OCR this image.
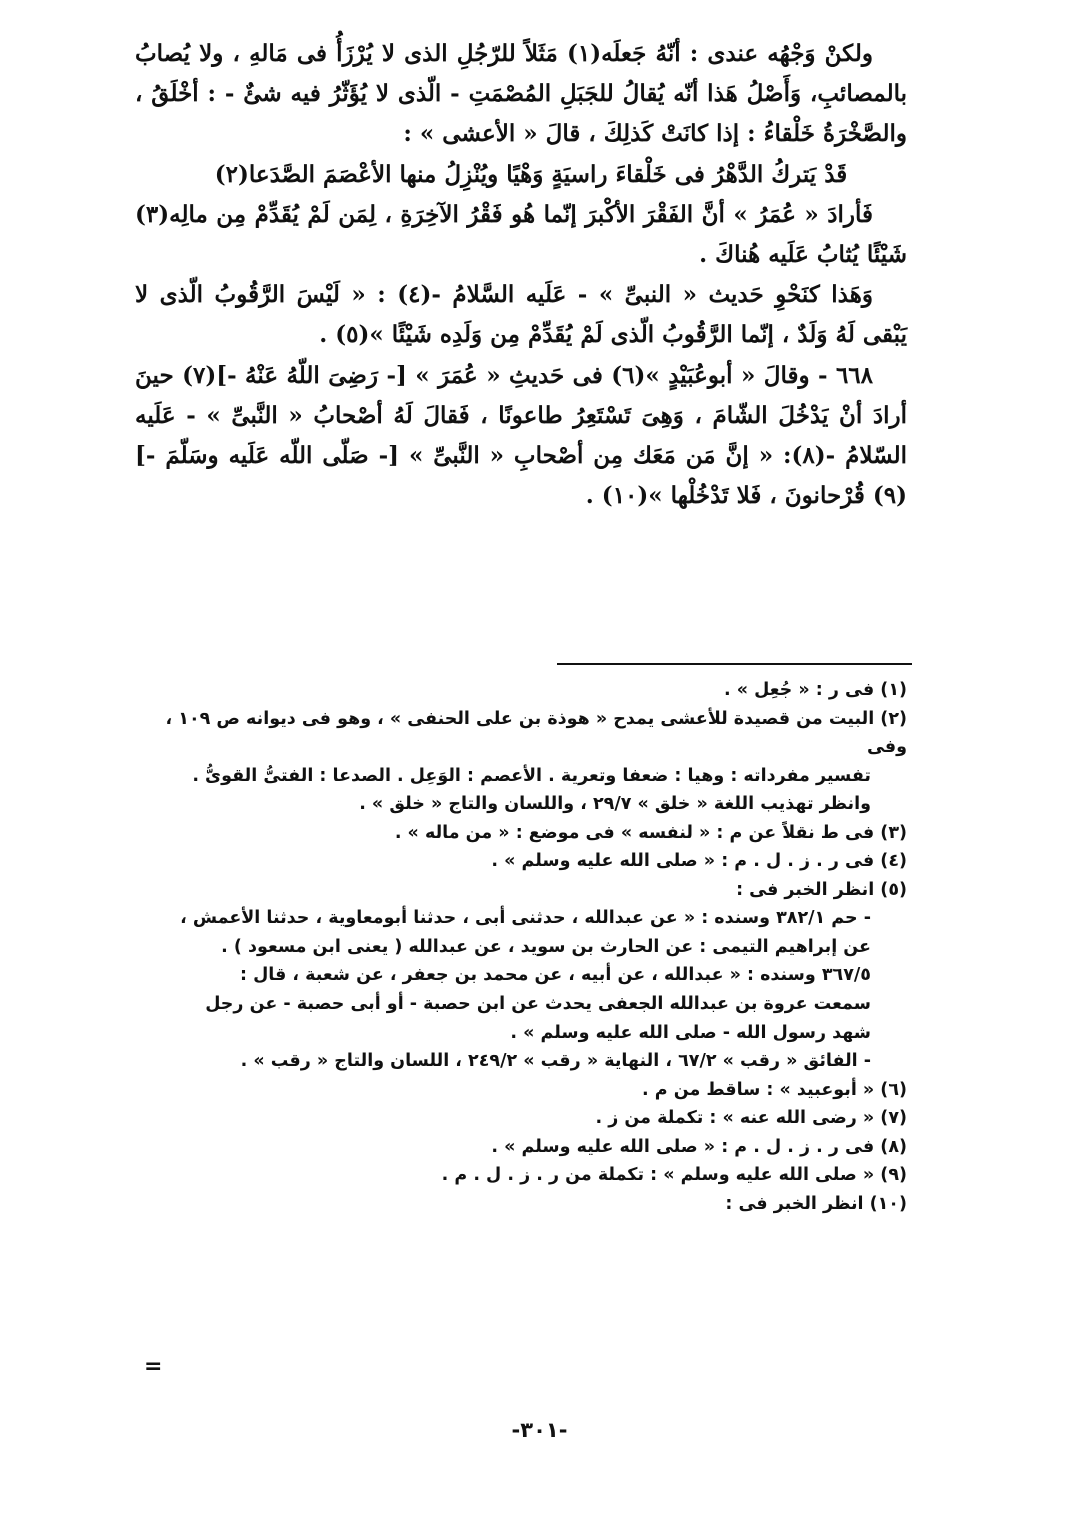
ولكنْ وَجْهُه عندى : أنّهُ جَعلَه(١) مَثَلاً للرّجُلِ الذى لا يُرْزَأُ فى مَالهِ ، ولا يُصابُ بالمصائبِ، وَأَصْلُ هَذا أنّه يُقالُ للجَبَلِ المُصْمَتِ - الّذى لا يُؤَثّرُ فيه شئٌ - : أخْلَقُ ، والصَّخْرَةُ خَلْقاءُ : إذا كانَتْ كَذلِكَ ، قالَ « الأعشى » :

قَدْ يَتركُ الدَّهْرُ فى خَلْقاءَ راسيَةٍ وَهْيًا ويُنْزِلُ منها الأعْصَمَ الصَّدَعا(٢)

فَأرادَ « عُمَرُ » أنَّ الفَقْرَ الأكْبرَ إنّما هُو فَقْرُ الآخِرَةِ ، لِمَن لَمْ يُقَدِّمْ مِن مالِه(٣) شَيْئًا يُثابُ عَلَيه هُناكَ .

وَهَذا كنَحْوِ حَديث « النبىِّ » - عَلَيه السَّلامُ -(٤) : « لَيْسَ الرَّقُوبُ الّذى لا يَبْقى لَهُ وَلَدٌ ، إنّما الرَّقُوبُ الّذى لَمْ يُقَدِّمْ مِن وَلَدِه شَيْئًا »(٥) .

٦٦٨ - وقالَ « أبوعُبَيْدٍ »(٦) فى حَديثِ « عُمَرَ » [- رَضِىَ اللّهُ عَنْهُ -](٧) حينَ أرادَ أنْ يَدْخُلَ الشّامَ ، وَهِىَ تَسْتَعِرُ طاعونًا ، فَقالَ لَهُ أصْحابُ « النَّبىِّ » - عَلَيه السّلامُ -(٨): « إنَّ مَن مَعَك مِن أصْحابِ « النَّبىِّ » [- صَلّى اللّه عَلَيه وسَلّمَ -](٩) قُرْحانونَ ، فَلا تَدْخُلْها »(١٠) .

(١) فى ر : « جُعِل » .

(٢) البيت من قصيدة للأعشى يمدح « هوذة بن على الحنفى » ، وهو فى ديوانه ص ١٠٩ ، وفى

تفسير مفرداته : وهيا : ضعفا وتعرية . الأعصم : الوَعِل . الصدعا : الفتىُّ القوىُّ .

وانظر تهذيب اللغة « خلق » ٢٩/٧ ، واللسان والتاج « خلق » .

(٣) فى ط نقلاً عن م : « لنفسه » فى موضع : « من ماله » .

(٤) فى ر . ز . ل . م : « صلى الله عليه وسلم » .

(٥) انظر الخبر فى :

- حم ٣٨٢/١ وسنده : « عن عبدالله ، حدثنى أبى ، حدثنا أبومعاوية ، حدثنا الأعمش ،

عن إبراهيم التيمى : عن الحارث بن سويد ، عن عبدالله ( يعنى ابن مسعود ) .

٣٦٧/٥ وسنده : « عبدالله ، عن أبيه ، عن محمد بن جعفر ، عن شعبة ، قال :

سمعت عروة بن عبدالله الجعفى يحدث عن ابن حصبة - أو أبى حصبة - عن رجل

شهد رسول الله - صلى الله عليه وسلم » .

- الفائق « رقب » ٦٧/٢ ، النهاية « رقب » ٢٤٩/٢ ، اللسان والتاج « رقب » .

(٦) « أبوعبيد » : ساقط من م .

(٧) « رضى الله عنه » : تكملة من ز .

(٨) فى ر . ز . ل . م : « صلى الله عليه وسلم » .

(٩) « صلى الله عليه وسلم » : تكملة من ر . ز . ل . م .

(١٠) انظر الخبر فى :

=
-٣٠١-
